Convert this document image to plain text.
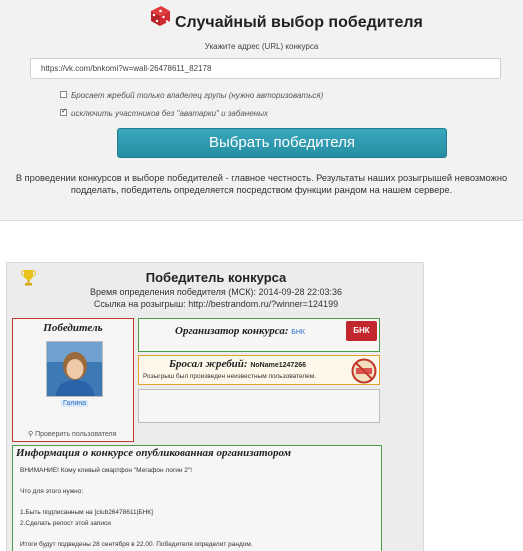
Случайный выбор победителя
Укажите адрес (URL) конкурса
https://vk.com/bnkomi?w=wall-26478611_82178
Бросает жребий только владелец групы (нужно авторизоваться)
✓исключить участников без "аватарки" и забаненых
Выбрать победителя
В проведении конкурсов и выборе победителей - главное честность. Результаты наших розыгрышей невозможно
подделать, победитель определяется посредством функции рандом на нашем сервере.
Победитель конкурса
Время определения победителя (МСК): 2014-09-28 22:03:36
Ссылка на розыгрыш: http://bestrandom.ru/?winner=124199
Победитель
Галина
⚲ Проверить пользователя
Организатор конкурса: БНК	БНК
Бросал жребий: NoName1247266
Розыгрыш был произведен неизвестным пользователем.
Информация о конкурсе опубликованная организатором
ВНИМАНИЕ! Кому клевый смартфон "Мегафон логин 2"!

Что для этого нужно:

1.Быть подписанным на [club26478611|БНК]
2.Сделать репост этой записи

Итоги будут подведены 28 сентября в 22.00. Победителя определит рандом.
